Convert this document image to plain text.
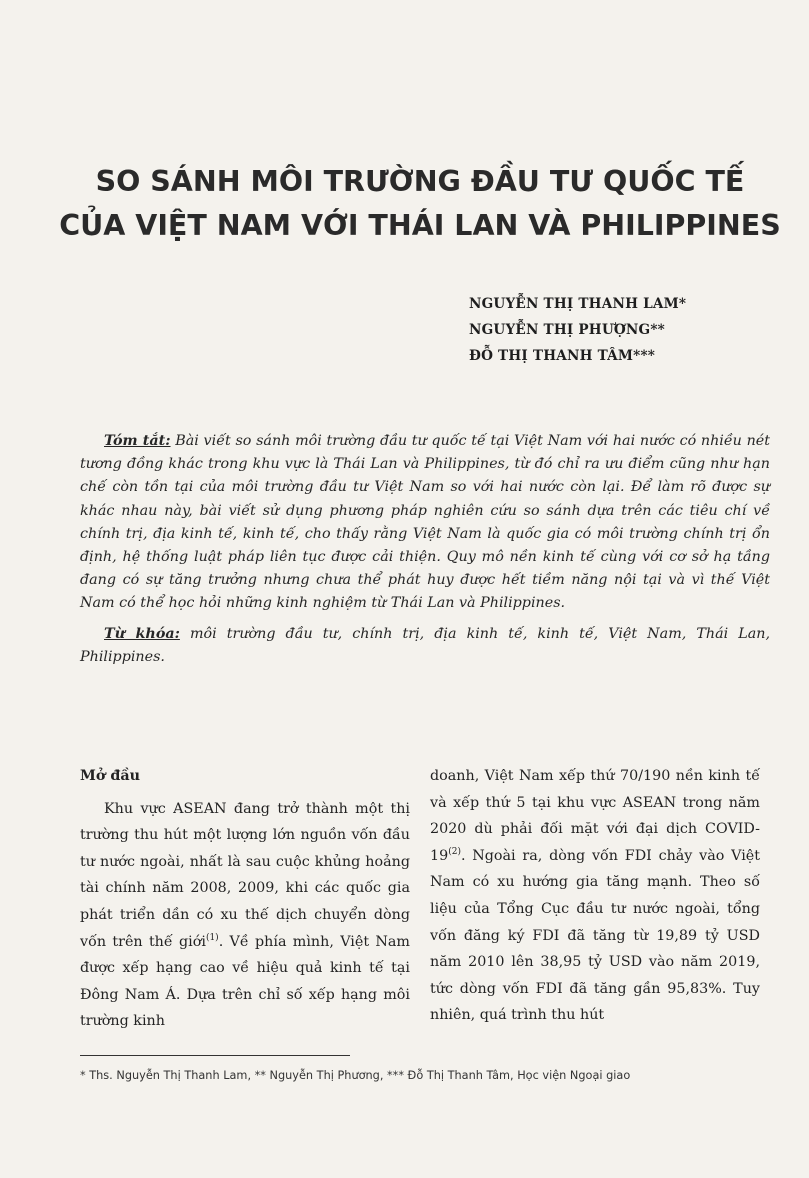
SO SÁNH MÔI TRƯỜNG ĐẦU TƯ QUỐC TẾ
CỦA VIỆT NAM VỚI THÁI LAN VÀ PHILIPPINES
NGUYỄN THỊ THANH LAM*
NGUYỄN THỊ PHƯỢNG**
ĐỖ THỊ THANH TÂM***

Tóm tắt: Bài viết so sánh môi trường đầu tư quốc tế tại Việt Nam với hai nước có nhiều nét tương đồng khác trong khu vực là Thái Lan và Philippines, từ đó chỉ ra ưu điểm cũng như hạn chế còn tồn tại của môi trường đầu tư Việt Nam so với hai nước còn lại. Để làm rõ được sự khác nhau này, bài viết sử dụng phương pháp nghiên cứu so sánh dựa trên các tiêu chí về chính trị, địa kinh tế, kinh tế, cho thấy rằng Việt Nam là quốc gia có môi trường chính trị ổn định, hệ thống luật pháp liên tục được cải thiện. Quy mô nền kinh tế cùng với cơ sở hạ tầng đang có sự tăng trưởng nhưng chưa thể phát huy được hết tiềm năng nội tại và vì thế Việt Nam có thể học hỏi những kinh nghiệm từ Thái Lan và Philippines.

Từ khóa: môi trường đầu tư, chính trị, địa kinh tế, kinh tế, Việt Nam, Thái Lan, Philippines.

Mở đầu

Khu vực ASEAN đang trở thành một thị trường thu hút một lượng lớn nguồn vốn đầu tư nước ngoài, nhất là sau cuộc khủng hoảng tài chính năm 2008, 2009, khi các quốc gia phát triển dần có xu thế dịch chuyển dòng vốn trên thế giới$^{(1)}$. Về phía mình, Việt Nam được xếp hạng cao về hiệu quả kinh tế tại Đông Nam Á. Dựa trên chỉ số xếp hạng môi trường kinh

doanh, Việt Nam xếp thứ 70/190 nền kinh tế và xếp thứ 5 tại khu vực ASEAN trong năm 2020 dù phải đối mặt với đại dịch COVID-19$^{(2)}$. Ngoài ra, dòng vốn FDI chảy vào Việt Nam có xu hướng gia tăng mạnh. Theo số liệu của Tổng Cục đầu tư nước ngoài, tổng vốn đăng ký FDI đã tăng từ 19,89 tỷ USD năm 2010 lên 38,95 tỷ USD vào năm 2019, tức dòng vốn FDI đã tăng gần 95,83%. Tuy nhiên, quá trình thu hút

* Ths. Nguyễn Thị Thanh Lam, ** Nguyễn Thị Phương, *** Đỗ Thị Thanh Tâm, Học viện Ngoại giao
